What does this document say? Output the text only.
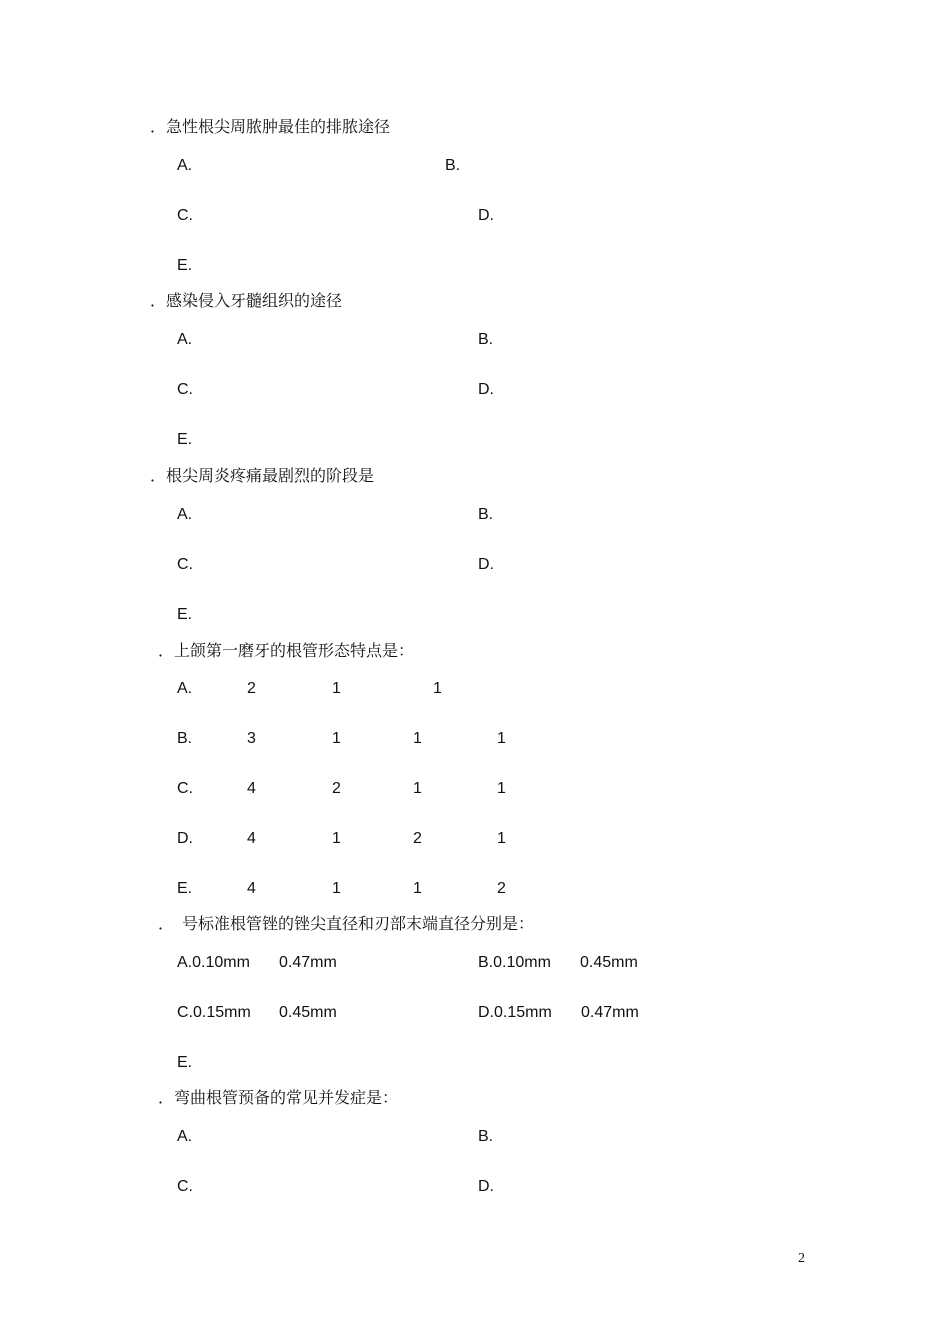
．急性根尖周脓肿最佳的排脓途径
A.	B.
C.	D.
E.
．感染侵入牙髓组织的途径
A.	B.
C.	D.
E.
．根尖周炎疼痛最剧烈的阶段是
A.	B.
C.	D.
E.
．上颌第一磨牙的根管形态特点是：
A.	2	1	1
B.	3	1	1	1
C.	4	2	1	1
D.	4	1	2	1
E.	4	1	1	2
．　号标准根管锉的锉尖直径和刃部末端直径分别是：
A.0.10mm 0.47mm	B.0.10mm 0.45mm
C.0.15mm 0.45mm	D.0.15mm 0.47mm
E.
．弯曲根管预备的常见并发症是：
A.	B.
C.	D.
2
